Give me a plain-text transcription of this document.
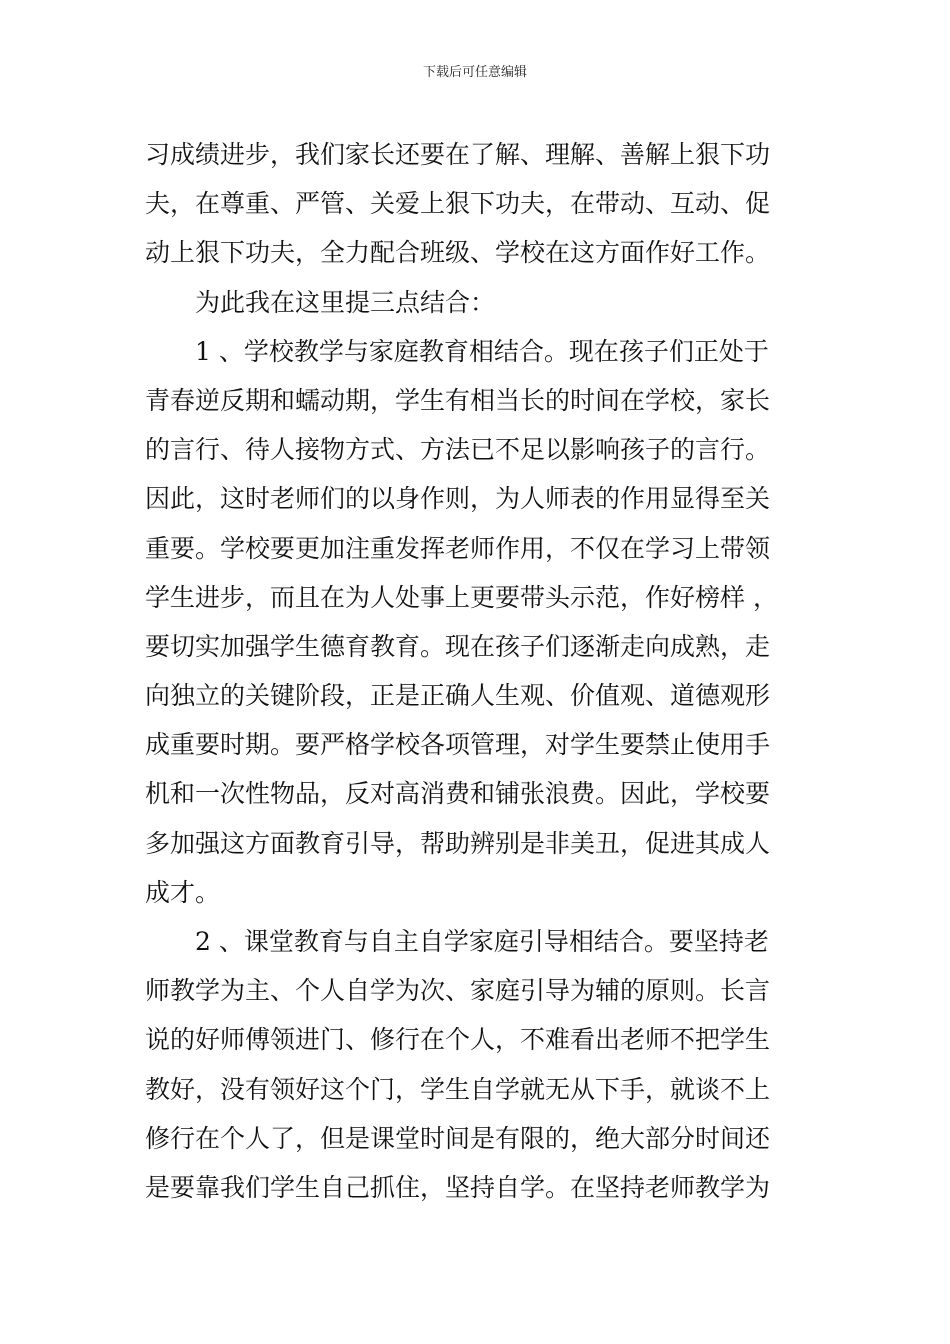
下载后可任意编辑
习成绩进步，我们家长还要在了解、理解、善解上狠下功
夫，在尊重、严管、关爱上狠下功夫，在带动、互动、促
动上狠下功夫，全力配合班级、学校在这方面作好工作。
为此我在这里提三点结合：
1 、学校教学与家庭教育相结合。现在孩子们正处于
青春逆反期和蠕动期，学生有相当长的时间在学校，家长
的言行、待人接物方式、方法已不足以影响孩子的言行。
因此，这时老师们的以身作则，为人师表的作用显得至关
重要。学校要更加注重发挥老师作用，不仅在学习上带领
学生进步，而且在为人处事上更要带头示范，作好榜样 ，
要切实加强学生德育教育。现在孩子们逐渐走向成熟，走
向独立的关键阶段，正是正确人生观、价值观、道德观形
成重要时期。要严格学校各项管理，对学生要禁止使用手
机和一次性物品，反对高消费和铺张浪费。因此，学校要
多加强这方面教育引导，帮助辨别是非美丑，促进其成人
成才。
2 、课堂教育与自主自学家庭引导相结合。要坚持老
师教学为主、个人自学为次、家庭引导为辅的原则。长言
说的好师傅领进门、修行在个人，不难看出老师不把学生
教好，没有领好这个门，学生自学就无从下手，就谈不上
修行在个人了，但是课堂时间是有限的，绝大部分时间还
是要靠我们学生自己抓住，坚持自学。在坚持老师教学为
